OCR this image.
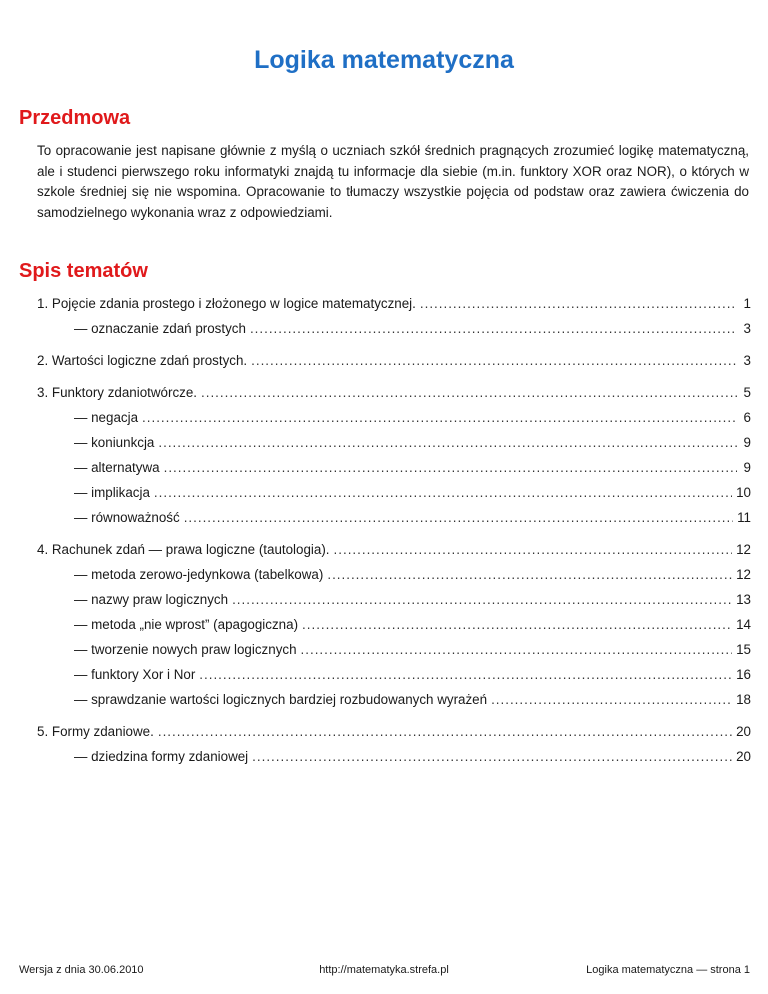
Logika matematyczna
Przedmowa
To opracowanie jest napisane głównie z myślą o uczniach szkół średnich pragnących zrozumieć logikę matematyczną, ale i studenci pierwszego roku informatyki znajdą tu informacje dla siebie (m.in. funktory XOR oraz NOR), o których w szkole średniej się nie wspomina. Opracowanie to tłumaczy wszystkie pojęcia od podstaw oraz zawiera ćwiczenia do samodzielnego wykonania wraz z odpowiedziami.
Spis tematów
1. Pojęcie zdania prostego i złożonego w logice matematycznej. .....	1
— oznaczanie zdań prostych .....	3
2. Wartości logiczne zdań prostych. .....	3
3. Funktory zdaniotwórcze. .....	5
— negacja .....	6
— koniunkcja .....	9
— alternatywa .....	9
— implikacja .....	10
— równoważność .....	11
4. Rachunek zdań — prawa logiczne (tautologia). .....	12
— metoda zerowo-jedynkowa (tabelkowa) .....	12
— nazwy praw logicznych .....	13
— metoda „nie wprost” (apagogiczna) .....	14
— tworzenie nowych praw logicznych .....	15
— funktory Xor i Nor .....	16
— sprawdzanie wartości logicznych bardziej rozbudowanych wyrażeń .....	18
5. Formy zdaniowe. .....	20
— dziedzina formy zdaniowej .....	20
Wersja z dnia 30.06.2010	http://matematyka.strefa.pl	Logika matematyczna — strona 1
